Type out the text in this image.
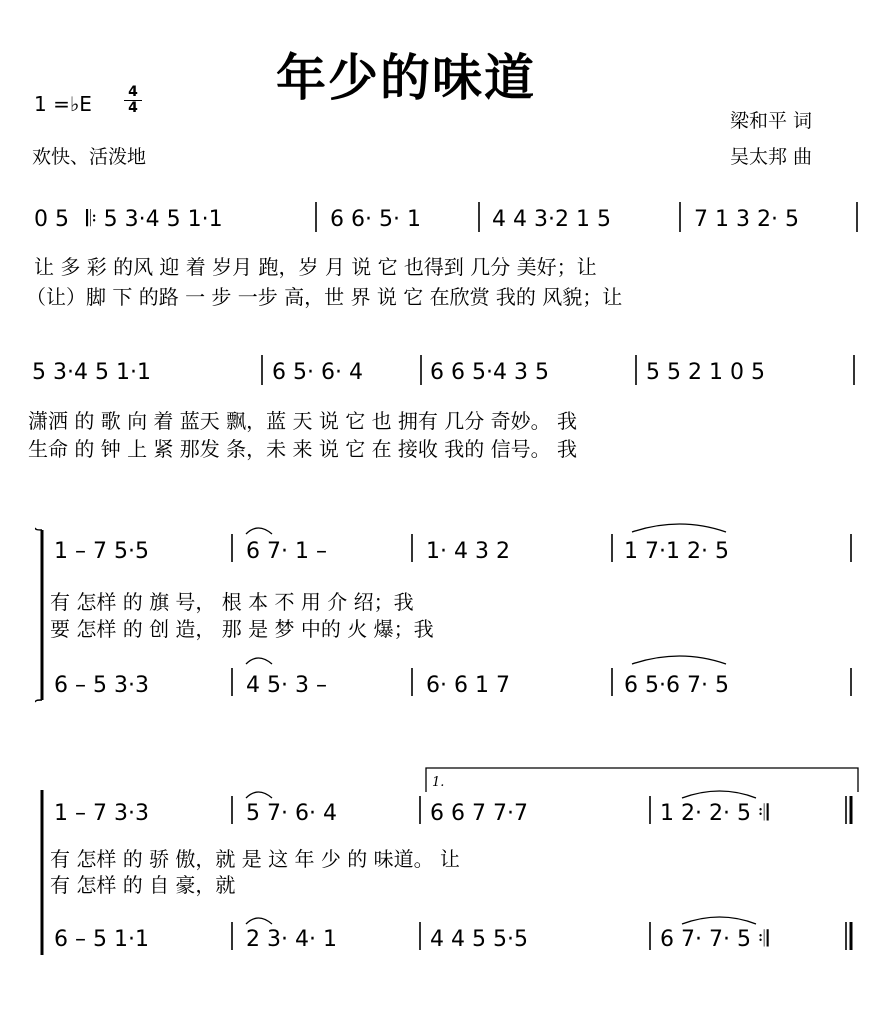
年少的味道
1 =♭E	4
4
欢快、活泼地
梁和平 词
吴太邦 曲
1.
0 5 𝄆 5 3·4 5 1·1	6 6· 5· 1	4 4 3·2 1 5	7 1 3 2· 5
让 多 彩 的风 迎 着 岁月 跑，岁 月 说 它 也得到 几分 美好；让
（让）脚 下 的路 一 步 一步 高，世 界 说 它 在欣赏 我的 风貌；让
5 3·4 5 1·1	6 5· 6· 4	6 6 5·4 3 5	5 5 2 1 0 5
潇洒 的 歌 向 着 蓝天 飘，蓝 天 说 它 也 拥有 几分 奇妙。 我
生命 的 钟 上 紧 那发 条，未 来 说 它 在 接收 我的 信号。 我
1 – 7 5·5	6 7· 1 –	1· 4 3 2	1 7·1 2· 5
有 怎样 的 旗 号， 根 本 不 用 介 绍；我
要 怎样 的 创 造， 那 是 梦 中的 火 爆；我
6 – 5 3·3	4 5· 3 –	6· 6 1 7	6 5·6 7· 5
1 – 7 3·3	5 7· 6· 4	6 6 7 7·7	1 2· 2· 5 𝄇
有 怎样 的 骄 傲，就 是 这 年 少 的 味道。 让
有 怎样 的 自 豪，就
6 – 5 1·1	2 3· 4· 1	4 4 5 5·5	6 7· 7· 5 𝄇
